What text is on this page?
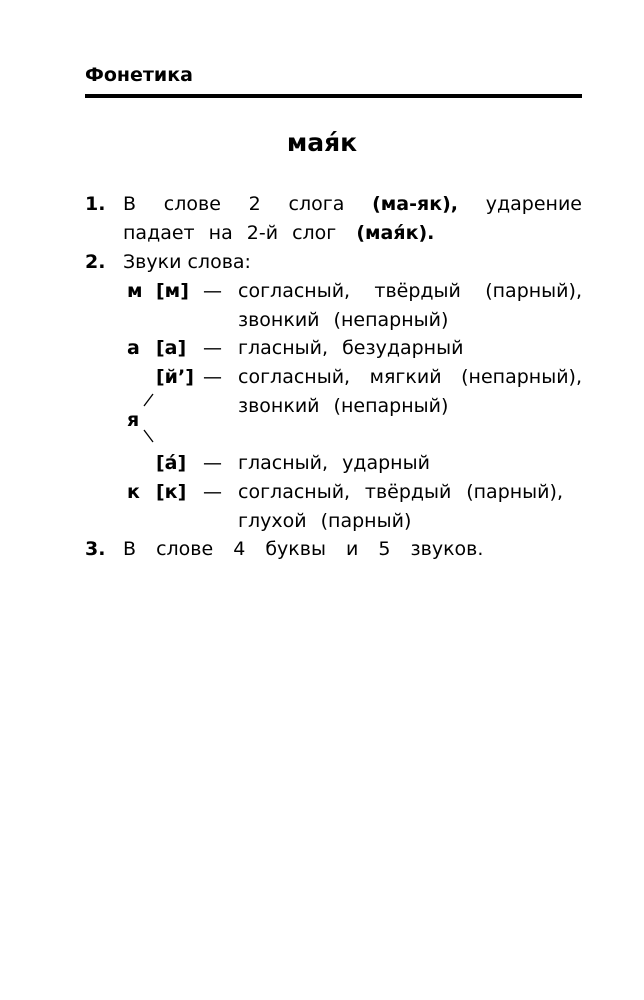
Фонетика
мая́к
1. В слове 2 слога (ма-як), ударение
падает на 2-й слог (мая́к).
2. Звуки слова:
м [м] — согласный, твёрдый (парный),
звонкий (непарный)
а [а] — гласный, безударный
[й’] — согласный, мягкий (непарный),
звонкий (непарный)
я
[а́] — гласный, ударный
к [к] — согласный, твёрдый (парный),
глухой (парный)
3. В слове 4 буквы и 5 звуков.
